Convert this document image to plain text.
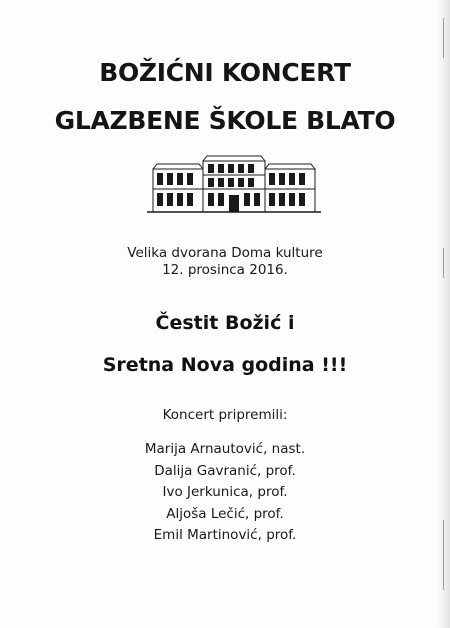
BOŽIĆNI KONCERT
GLAZBENE ŠKOLE BLATO
Velika dvorana Doma kulture
12. prosinca 2016.
Čestit Božić i
Sretna Nova godina !!!
Koncert pripremili:
Marija Arnautović, nast.
Dalija Gavranić, prof.
Ivo Jerkunica, prof.
Aljoša Lečić, prof.
Emil Martinović, prof.
